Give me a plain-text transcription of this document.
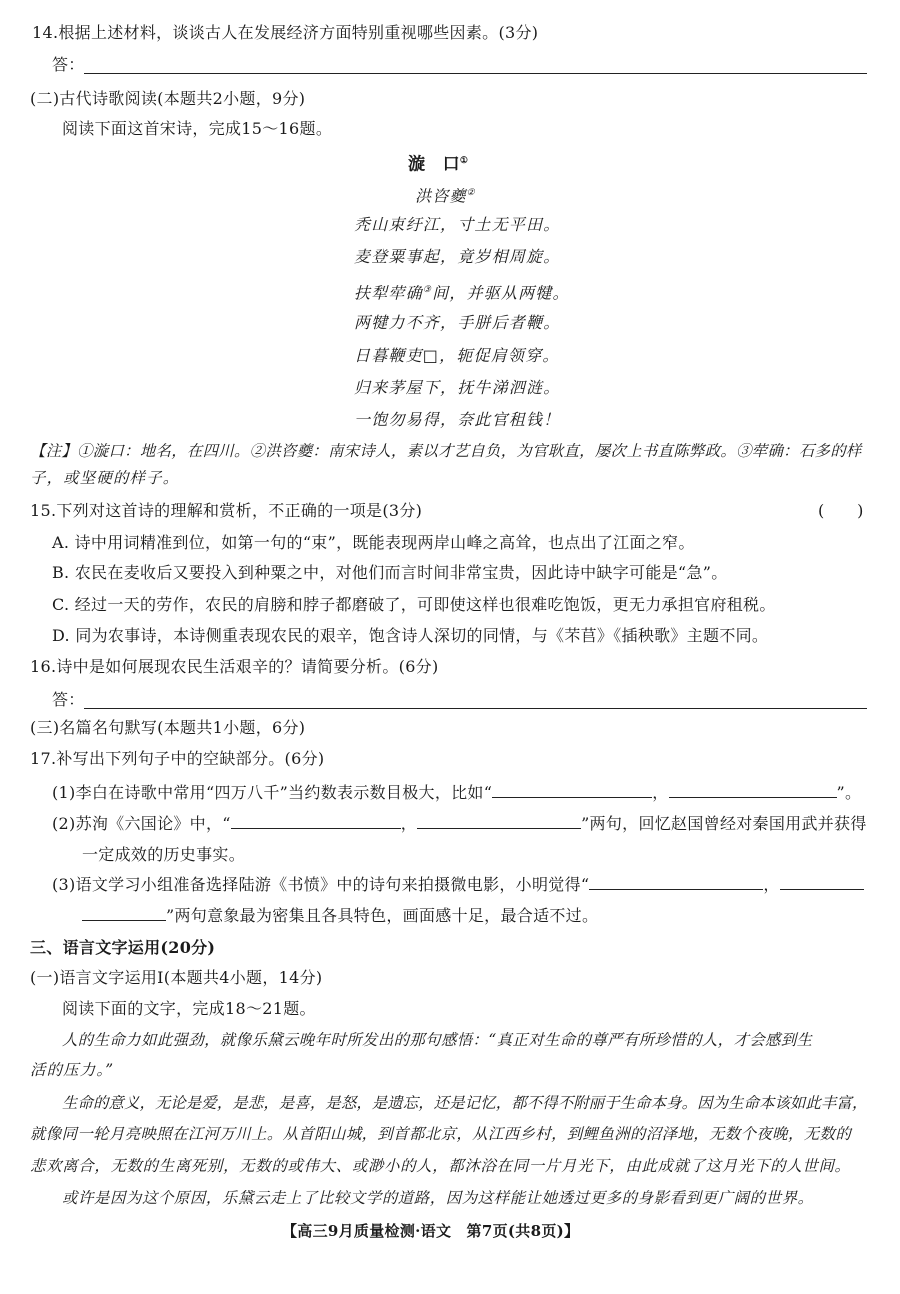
14.根据上述材料，谈谈古人在发展经济方面特别重视哪些因素。(3分)
答：
(二)古代诗歌阅读(本题共2小题，9分)
阅读下面这首宋诗，完成15～16题。
漩　口①
洪咨夔②
秃山束纡江，寸土无平田。
麦登粟事起，竟岁相周旋。
扶犁荦确③间，并驱从两犍。
两犍力不齐，手胼后者鞭。
日暮鞭吏□，轭促肩领穿。
归来茅屋下，抚牛涕泗涟。
一饱勿易得，奈此官租钱！
【注】①漩口：地名，在四川。②洪咨夔：南宋诗人，素以才艺自负，为官耿直，屡次上书直陈弊政。③荦确：石多的样
子，或坚硬的样子。
15.下列对这首诗的理解和赏析，不正确的一项是(3分)	(　　)
A. 诗中用词精准到位，如第一句的“束”，既能表现两岸山峰之高耸，也点出了江面之窄。
B. 农民在麦收后又要投入到种粟之中，对他们而言时间非常宝贵，因此诗中缺字可能是“急”。
C. 经过一天的劳作，农民的肩膀和脖子都磨破了，可即使这样也很难吃饱饭，更无力承担官府租税。
D. 同为农事诗，本诗侧重表现农民的艰辛，饱含诗人深切的同情，与《芣苢》《插秧歌》主题不同。
16.诗中是如何展现农民生活艰辛的？请简要分析。(6分)
答：
(三)名篇名句默写(本题共1小题，6分)
17.补写出下列句子中的空缺部分。(6分)
(1)李白在诗歌中常用“四万八千”当约数表示数目极大，比如“	，	”。
(2)苏洵《六国论》中，“	，	”两句，回忆赵国曾经对秦国用武并获得
一定成效的历史事实。
(3)语文学习小组准备选择陆游《书愤》中的诗句来拍摄微电影，小明觉得“	，
”两句意象最为密集且各具特色，画面感十足，最合适不过。
三、语言文字运用(20分)
(一)语言文字运用Ⅰ(本题共4小题，14分)
阅读下面的文字，完成18～21题。
人的生命力如此强劲，就像乐黛云晚年时所发出的那句感悟：“真正对生命的尊严有所珍惜的人，才会感到生
活的压力。”
生命的意义，无论是爱，是悲，是喜，是怒，是遗忘，还是记忆，都不得不附丽于生命本身。因为生命本该如此丰富，
就像同一轮月亮映照在江河万川上。从首阳山城，到首都北京，从江西乡村，到鲤鱼洲的沼泽地，无数个夜晚，无数的
悲欢离合，无数的生离死别，无数的或伟大、或渺小的人，都沐浴在同一片月光下，由此成就了这月光下的人世间。
或许是因为这个原因，乐黛云走上了比较文学的道路，因为这样能让她透过更多的身影看到更广阔的世界。
【高三9月质量检测·语文　第7页(共8页)】
